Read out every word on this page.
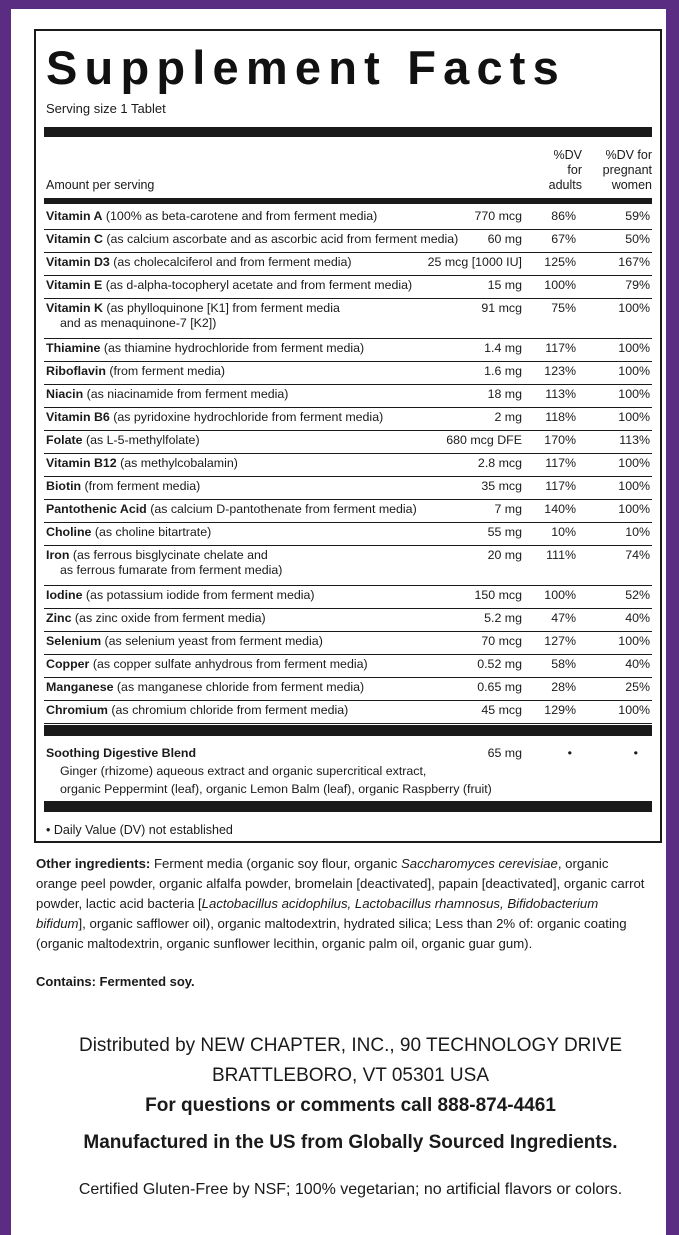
Supplement Facts
Serving size 1 Tablet
Amount per serving
%DV
for
adults
%DV for
pregnant
women
Vitamin A (100% as beta-carotene and from ferment media)	770 mcg 86%	59%
Vitamin C (as calcium ascorbate and as ascorbic acid from ferment media)	60 mg 67%	50%
Vitamin D3 (as cholecalciferol and from ferment media)	25 mcg [1000 IU] 125%	167%
Vitamin E (as d-alpha-tocopheryl acetate and from ferment media)	15 mg 100%	79%
Vitamin K (as phylloquinone [K1] from ferment media
and as menaquinone-7 [K2])
91 mcg 75%	100%
Thiamine (as thiamine hydrochloride from ferment media)	1.4 mg 117%	100%
Riboflavin (from ferment media)	1.6 mg 123%	100%
Niacin (as niacinamide from ferment media)	18 mg 113%	100%
Vitamin B6 (as pyridoxine hydrochloride from ferment media)	2 mg 118%	100%
Folate (as L-5-methylfolate)	680 mcg DFE 170%	113%
Vitamin B12 (as methylcobalamin)	2.8 mcg 117%	100%
Biotin (from ferment media)	35 mcg 117%	100%
Pantothenic Acid (as calcium D-pantothenate from ferment media)	7 mg 140%	100%
Choline (as choline bitartrate)	55 mg 10%	10%
Iron (as ferrous bisglycinate chelate and
as ferrous fumarate from ferment media)
20 mg 111%	74%
Iodine (as potassium iodide from ferment media)	150 mcg 100%	52%
Zinc (as zinc oxide from ferment media)	5.2 mg 47%	40%
Selenium (as selenium yeast from ferment media)	70 mcg 127%	100%
Copper (as copper sulfate anhydrous from ferment media)	0.52 mg 58%	40%
Manganese (as manganese chloride from ferment media)	0.65 mg 28%	25%
Chromium (as chromium chloride from ferment media)	45 mcg 129%	100%
Soothing Digestive Blend	65 mg	•	•
Ginger (rhizome) aqueous extract and organic supercritical extract,
organic Peppermint (leaf), organic Lemon Balm (leaf), organic Raspberry (fruit)
• Daily Value (DV) not established
Other ingredients: Ferment media (organic soy flour, organic Saccharomyces cerevisiae, organic orange peel powder, organic alfalfa powder, bromelain [deactivated], papain [deactivated], organic carrot powder, lactic acid bacteria [Lactobacillus acidophilus, Lactobacillus rhamnosus, Bifidobacterium bifidum], organic safflower oil), organic maltodextrin, hydrated silica; Less than 2% of: organic coating (organic maltodextrin, organic sunflower lecithin, organic palm oil, organic guar gum).
Contains: Fermented soy.
Distributed by NEW CHAPTER, INC., 90 TECHNOLOGY DRIVE
BRATTLEBORO, VT 05301 USA
For questions or comments call 888-874-4461
Manufactured in the US from Globally Sourced Ingredients.
Certified Gluten-Free by NSF; 100% vegetarian; no artificial flavors or colors.
